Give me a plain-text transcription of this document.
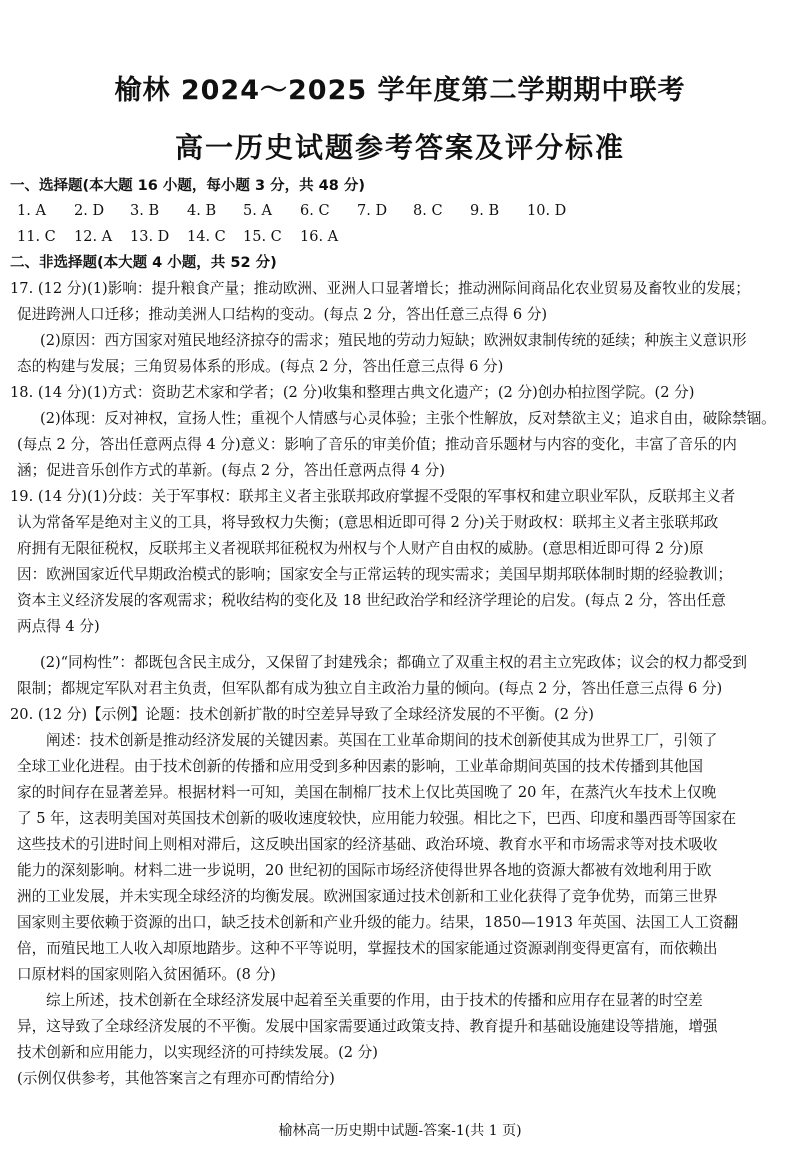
榆林 2024～2025 学年度第二学期期中联考
高一历史试题参考答案及评分标准
一、选择题(本大题 16 小题，每小题 3 分，共 48 分)
1. A 2. D 3. B 4. B 5. A 6. C 7. D 8. C 9. B 10. D
11. C 12. A 13. D 14. C 15. C 16. A
二、非选择题(本大题 4 小题，共 52 分)
17. (12 分)(1)影响：提升粮食产量；推动欧洲、亚洲人口显著增长；推动洲际间商品化农业贸易及畜牧业的发展；
促进跨洲人口迁移；推动美洲人口结构的变动。(每点 2 分，答出任意三点得 6 分)
(2)原因：西方国家对殖民地经济掠夺的需求；殖民地的劳动力短缺；欧洲奴隶制传统的延续；种族主义意识形
态的构建与发展；三角贸易体系的形成。(每点 2 分，答出任意三点得 6 分)
18. (14 分)(1)方式：资助艺术家和学者；(2 分)收集和整理古典文化遗产；(2 分)创办柏拉图学院。(2 分)
(2)体现：反对神权，宣扬人性；重视个人情感与心灵体验；主张个性解放，反对禁欲主义；追求自由，破除禁锢。
(每点 2 分，答出任意两点得 4 分)意义：影响了音乐的审美价值；推动音乐题材与内容的变化，丰富了音乐的内
涵；促进音乐创作方式的革新。(每点 2 分，答出任意两点得 4 分)
19. (14 分)(1)分歧：关于军事权：联邦主义者主张联邦政府掌握不受限的军事权和建立职业军队，反联邦主义者
认为常备军是绝对主义的工具，将导致权力失衡；(意思相近即可得 2 分)关于财政权：联邦主义者主张联邦政
府拥有无限征税权，反联邦主义者视联邦征税权为州权与个人财产自由权的威胁。(意思相近即可得 2 分)原
因：欧洲国家近代早期政治模式的影响；国家安全与正常运转的现实需求；美国早期邦联体制时期的经验教训；
资本主义经济发展的客观需求；税收结构的变化及 18 世纪政治学和经济学理论的启发。(每点 2 分，答出任意
两点得 4 分)
(2)“同构性”：都既包含民主成分，又保留了封建残余；都确立了双重主权的君主立宪政体；议会的权力都受到
限制；都规定军队对君主负责，但军队都有成为独立自主政治力量的倾向。(每点 2 分，答出任意三点得 6 分)
20. (12 分)【示例】论题：技术创新扩散的时空差异导致了全球经济发展的不平衡。(2 分)
阐述：技术创新是推动经济发展的关键因素。英国在工业革命期间的技术创新使其成为世界工厂，引领了
全球工业化进程。由于技术创新的传播和应用受到多种因素的影响，工业革命期间英国的技术传播到其他国
家的时间存在显著差异。根据材料一可知，美国在制棉厂技术上仅比英国晚了 20 年，在蒸汽火车技术上仅晚
了 5 年，这表明美国对英国技术创新的吸收速度较快，应用能力较强。相比之下，巴西、印度和墨西哥等国家在
这些技术的引进时间上则相对滞后，这反映出国家的经济基础、政治环境、教育水平和市场需求等对技术吸收
能力的深刻影响。材料二进一步说明，20 世纪初的国际市场经济使得世界各地的资源大都被有效地利用于欧
洲的工业发展，并未实现全球经济的均衡发展。欧洲国家通过技术创新和工业化获得了竞争优势，而第三世界
国家则主要依赖于资源的出口，缺乏技术创新和产业升级的能力。结果，1850—1913 年英国、法国工人工资翻
倍，而殖民地工人收入却原地踏步。这种不平等说明，掌握技术的国家能通过资源剥削变得更富有，而依赖出
口原材料的国家则陷入贫困循环。(8 分)
综上所述，技术创新在全球经济发展中起着至关重要的作用，由于技术的传播和应用存在显著的时空差
异，这导致了全球经济发展的不平衡。发展中国家需要通过政策支持、教育提升和基础设施建设等措施，增强
技术创新和应用能力，以实现经济的可持续发展。(2 分)
(示例仅供参考，其他答案言之有理亦可酌情给分)
榆林高一历史期中试题-答案-1(共 1 页)
